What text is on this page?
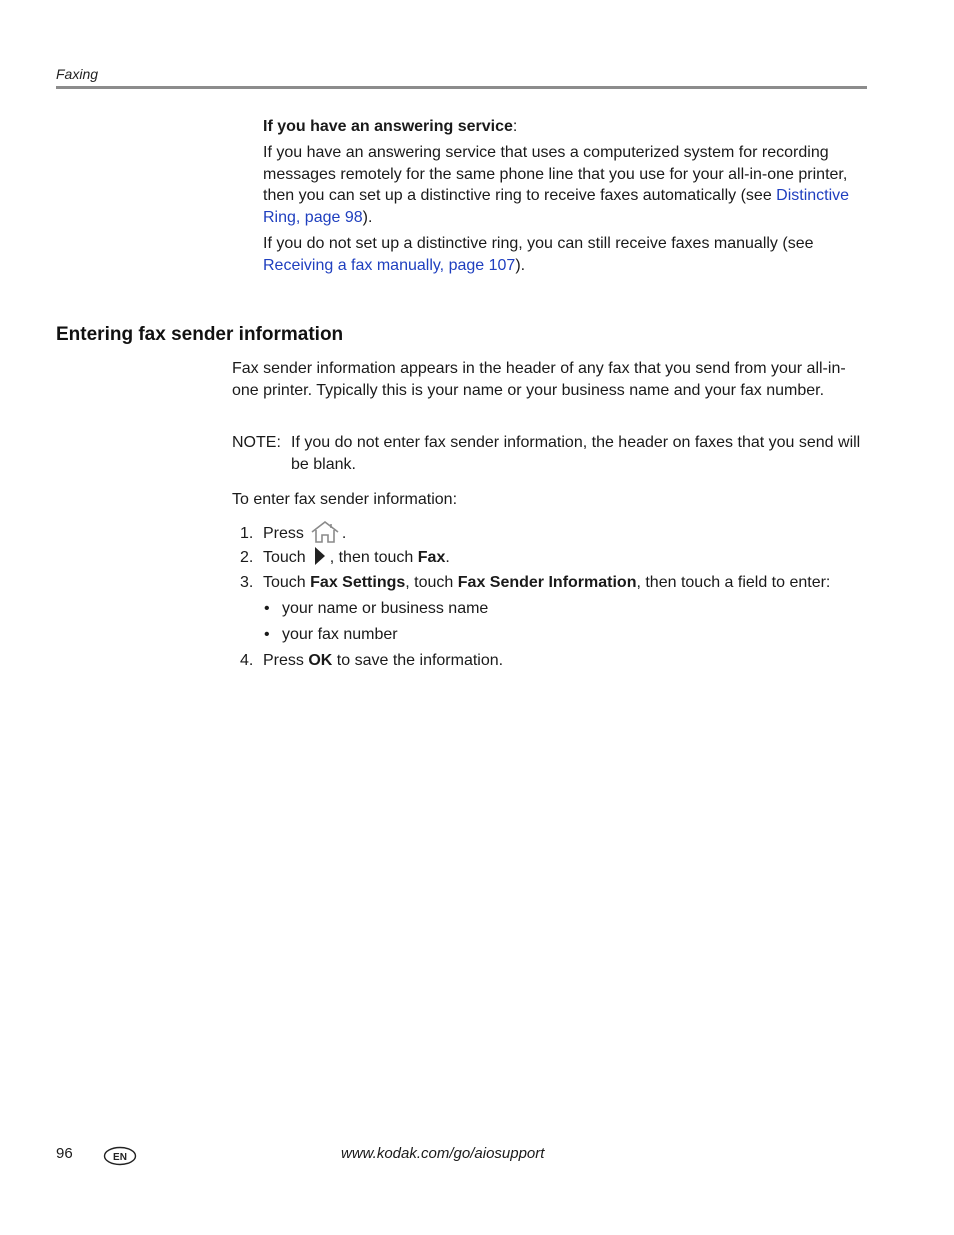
Faxing
If you have an answering service:

If you have an answering service that uses a computerized system for recording messages remotely for the same phone line that you use for your all-in-one printer, then you can set up a distinctive ring to receive faxes automatically (see Distinctive Ring, page 98).

If you do not set up a distinctive ring, you can still receive faxes manually (see Receiving a fax manually, page 107).

Entering fax sender information

Fax sender information appears in the header of any fax that you send from your all-in-one printer. Typically this is your name or your business name and your fax number.

NOTE: If you do not enter fax sender information, the header on faxes that you send will be blank.

To enter fax sender information:

1. Press .
2. Touch , then touch Fax.
3. Touch Fax Settings, touch Fax Sender Information, then touch a field to enter:
• your name or business name
• your fax number
4. Press OK to save the information.
96	EN	www.kodak.com/go/aiosupport
